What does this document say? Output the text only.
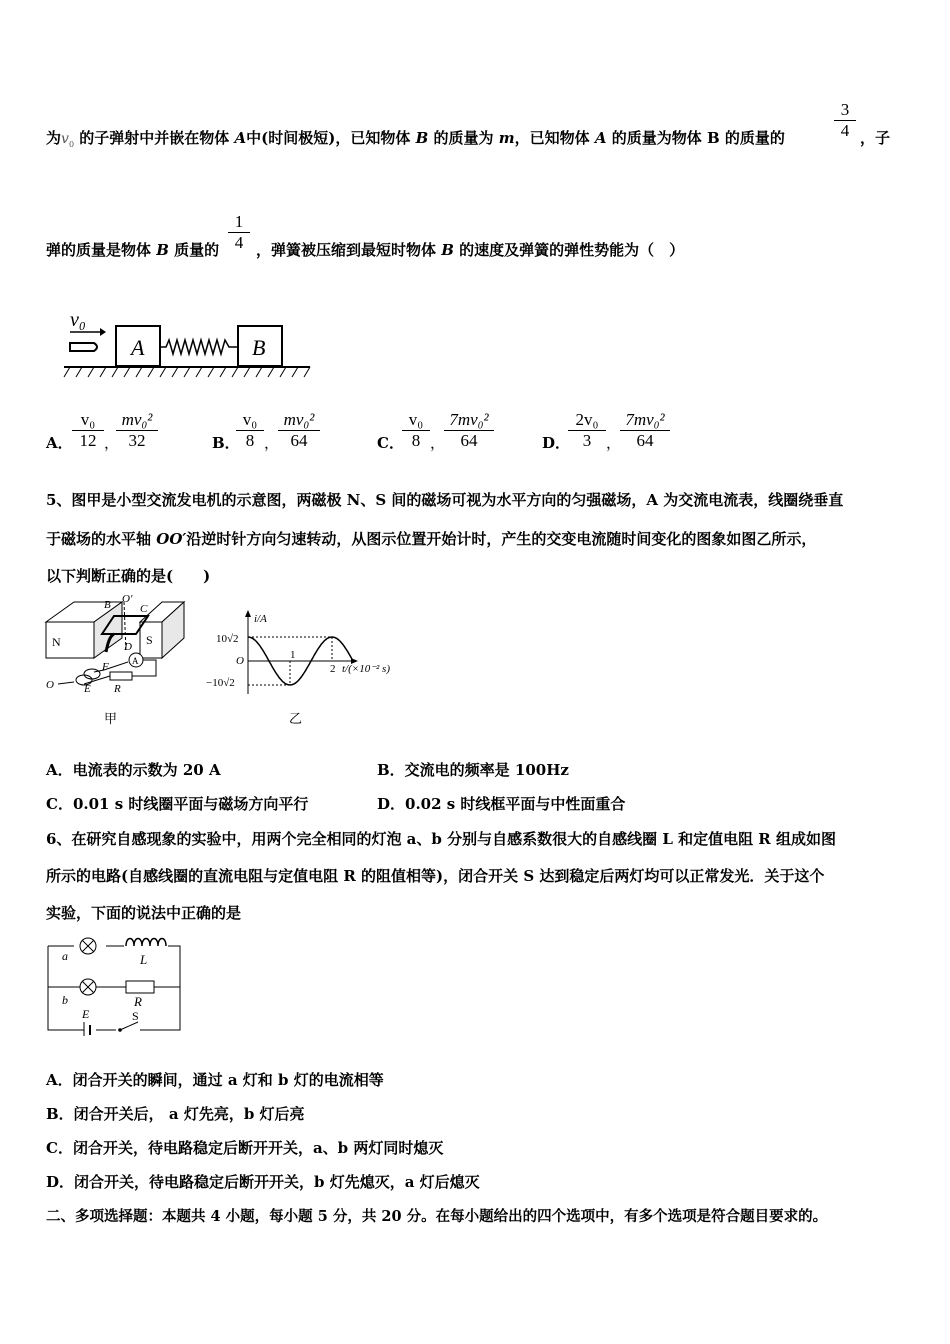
为$v_0$ 的子弹射中并嵌在物体 A中(时间极短)，已知物体 B 的质量为 m，已知物体 A 的质量为物体 B 的质量的	$\frac{3}{4}$ ，子
弹的质量是物体 B 质量的 $\frac{1}{4}$ ，弹簧被压缩到最短时物体 B 的速度及弹簧的弹性势能为（　）
v₀
A	B
A． $\frac{\text{v₀}}{12}$ ，
$\frac{\text{mv₀²}}{32}$	B．
$\frac{\text{v₀}}{8}$ ，
$\frac{\text{mv₀²}}{64}$	C．
$\frac{\text{v₀}}{8}$ ，
$\frac{\text{7mv₀²}}{64}$	D．
$\frac{\text{2v₀}}{3}$ ，
$\frac{\text{7mv₀²}}{64}$
5、图甲是小型交流发电机的示意图，两磁极 N、S 间的磁场可视为水平方向的匀强磁场，A 为交流电流表，线圈绕垂直
于磁场的水平轴 OO′沿逆时针方向匀速转动，从图示位置开始计时，产生的交变电流随时间变化的图象如图乙所示，
以下判断正确的是(　　)
N	S
A
B O′
C
D
F
E R
O
甲
i/A
10√2
O
−10√2
1
2 t/(×10⁻² s)
乙
A．电流表的示数为 20 A	B．交流电的频率是 100Hz
C．0.01 s 时线圈平面与磁场方向平行	D．0.02 s 时线框平面与中性面重合
6、在研究自感现象的实验中，用两个完全相同的灯泡 a、b 分别与自感系数很大的自感线圈 L 和定值电阻 R 组成如图
所示的电路(自感线圈的直流电阻与定值电阻 R 的阻值相等)，闭合开关 S 达到稳定后两灯均可以正常发光．关于这个
实验，下面的说法中正确的是
a	L
b	R
E	S
A．闭合开关的瞬间，通过 a 灯和 b 灯的电流相等
B．闭合开关后， a 灯先亮，b 灯后亮
C．闭合开关，待电路稳定后断开开关，a、b 两灯同时熄灭
D．闭合开关，待电路稳定后断开开关，b 灯先熄灭，a 灯后熄灭
二、多项选择题：本题共 4 小题，每小题 5 分，共 20 分。在每小题给出的四个选项中，有多个选项是符合题目要求的。
